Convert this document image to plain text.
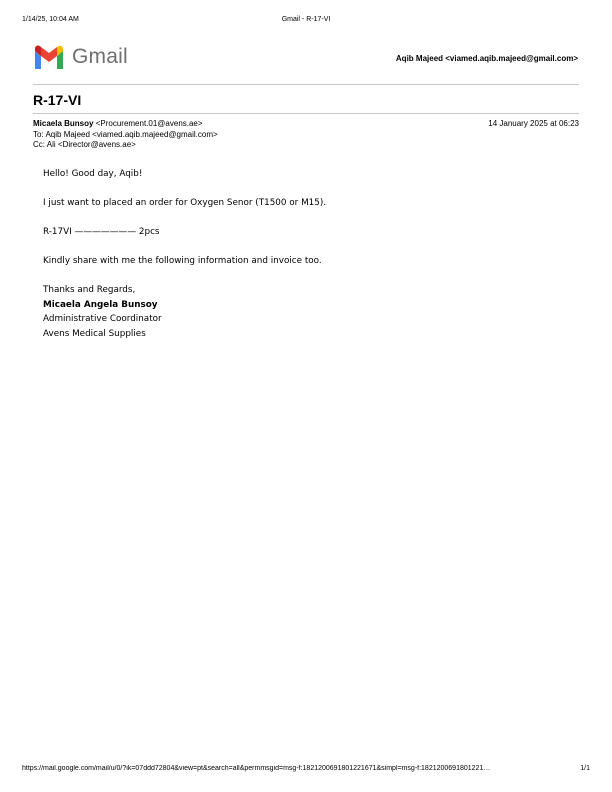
1/14/25, 10:04 AM	Gmail - R-17-VI
Gmail	Aqib Majeed <viamed.aqib.majeed@gmail.com>
R-17-VI
Micaela Bunsoy <Procurement.01@avens.ae>	14 January 2025 at 06:23
To: Aqib Majeed <viamed.aqib.majeed@gmail.com>
Cc: Ali <Director@avens.ae>

Hello! Good day, Aqib!

I just want to placed an order for Oxygen Senor (T1500 or M15).

R-17VI ——————— 2pcs

Kindly share with me the following information and invoice too.

Thanks and Regards,

Micaela Angela Bunsoy

Administrative Coordinator

Avens Medical Supplies

https://mail.google.com/mail/u/0/?ik=07ddd72804&view=pt&search=all&permmsgid=msg-f:1821200691801221671&simpl=msg-f:1821200691801221…	1/1
